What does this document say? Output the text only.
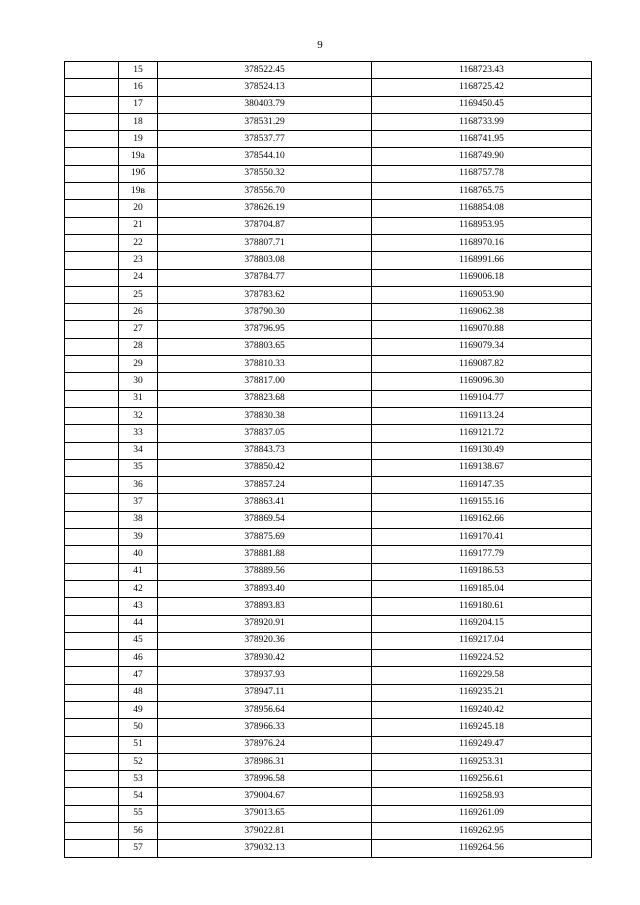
9
	15	378522.45	1168723.43
	16	378524.13	1168725.42
	17	380403.79	1169450.45
	18	378531.29	1168733.99
	19	378537.77	1168741.95
	19а	378544.10	1168749.90
	19б	378550.32	1168757.78
	19в	378556.70	1168765.75
	20	378626.19	1168854.08
	21	378704.87	1168953.95
	22	378807.71	1168970.16
	23	378803.08	1168991.66
	24	378784.77	1169006.18
	25	378783.62	1169053.90
	26	378790.30	1169062.38
	27	378796.95	1169070.88
	28	378803.65	1169079.34
	29	378810.33	1169087.82
	30	378817.00	1169096.30
	31	378823.68	1169104.77
	32	378830.38	1169113.24
	33	378837.05	1169121.72
	34	378843.73	1169130.49
	35	378850.42	1169138.67
	36	378857.24	1169147.35
	37	378863.41	1169155.16
	38	378869.54	1169162.66
	39	378875.69	1169170.41
	40	378881.88	1169177.79
	41	378889.56	1169186.53
	42	378893.40	1169185.04
	43	378893.83	1169180.61
	44	378920.91	1169204.15
	45	378920.36	1169217.04
	46	378930.42	1169224.52
	47	378937.93	1169229.58
	48	378947.11	1169235.21
	49	378956.64	1169240.42
	50	378966.33	1169245.18
	51	378976.24	1169249.47
	52	378986.31	1169253.31
	53	378996.58	1169256.61
	54	379004.67	1169258.93
	55	379013.65	1169261.09
	56	379022.81	1169262.95
	57	379032.13	1169264.56
